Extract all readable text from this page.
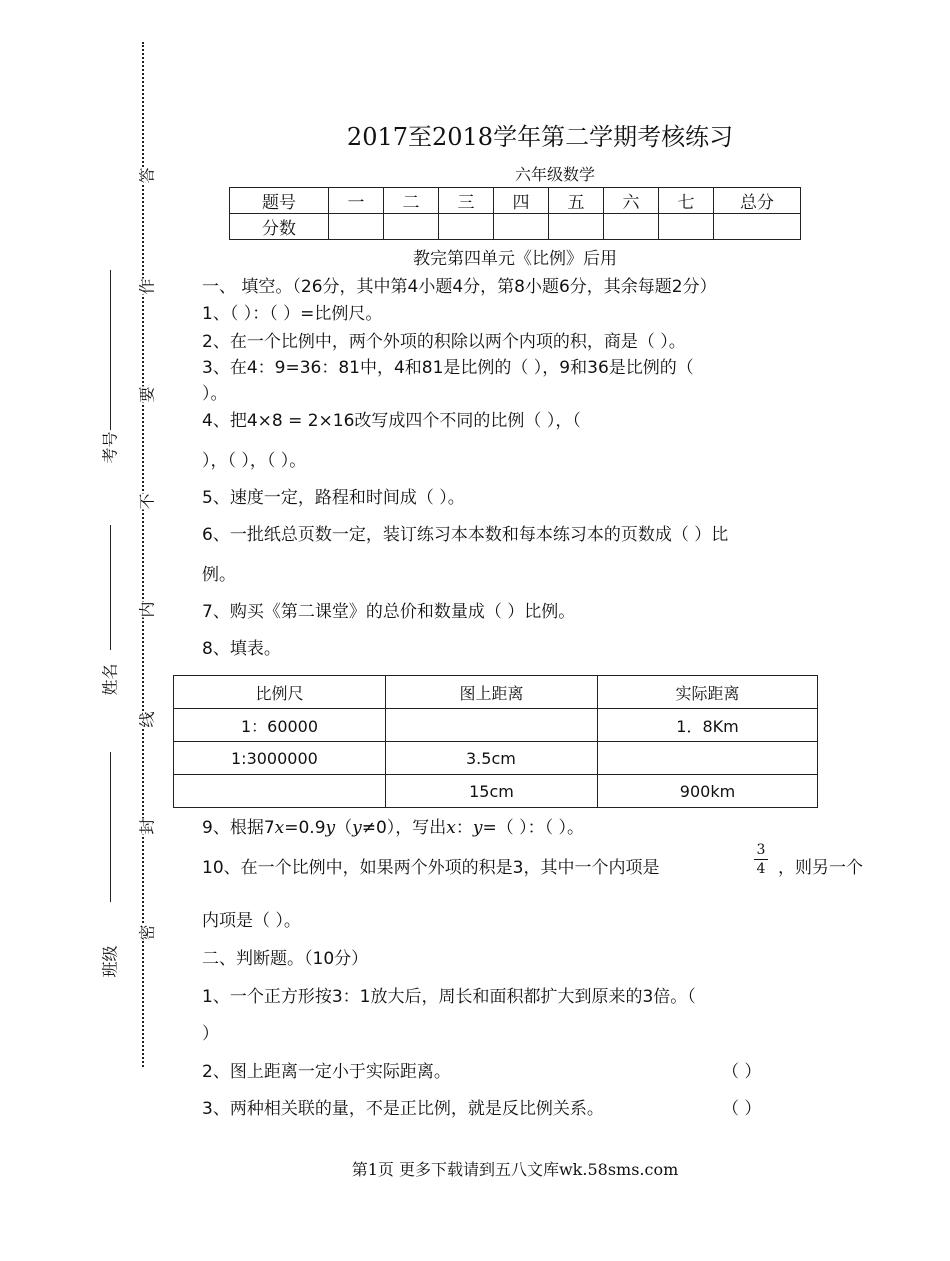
答
作
要
不
内
线
封
密
考号
姓名
班级
2017至2018学年第二学期考核练习
六年级数学
题号	一	二	三	四	五	六	七	总分
分数								
教完第四单元《比例》后用
一、 填空。（26分，其中第4小题4分，第8小题6分，其余每题2分）
1、（ ）：（ ）=比例尺。
2、在一个比例中，两个外项的积除以两个内项的积，商是（ ）。
3、在4：9=36：81中，4和81是比例的（ ），9和36是比例的（
）。
4、把4×8 = 2×16改写成四个不同的比例（ ），（
），（ ），（ ）。
5、速度一定，路程和时间成（ ）。
6、一批纸总页数一定，装订练习本本数和每本练习本的页数成（ ）比
例。
7、购买《第二课堂》的总价和数量成（ ）比例。
8、填表。
比例尺	图上距离	实际距离
1：60000		1．8Km
1:3000000	3.5cm	
	15cm	900km
9、根据7x=0.9y（y≠0），写出x：y=（ ）：（ ）。
10、在一个比例中，如果两个外项的积是3，其中一个内项是
3
4 ，则另一个
内项是（ ）。
二、判断题。（10分）
1、一个正方形按3：1放大后，周长和面积都扩大到原来的3倍。（
）
2、图上距离一定小于实际距离。	（ ）
3、两种相关联的量，不是正比例，就是反比例关系。	（ ）
第1页 更多下载请到五八文库wk.58sms.com
